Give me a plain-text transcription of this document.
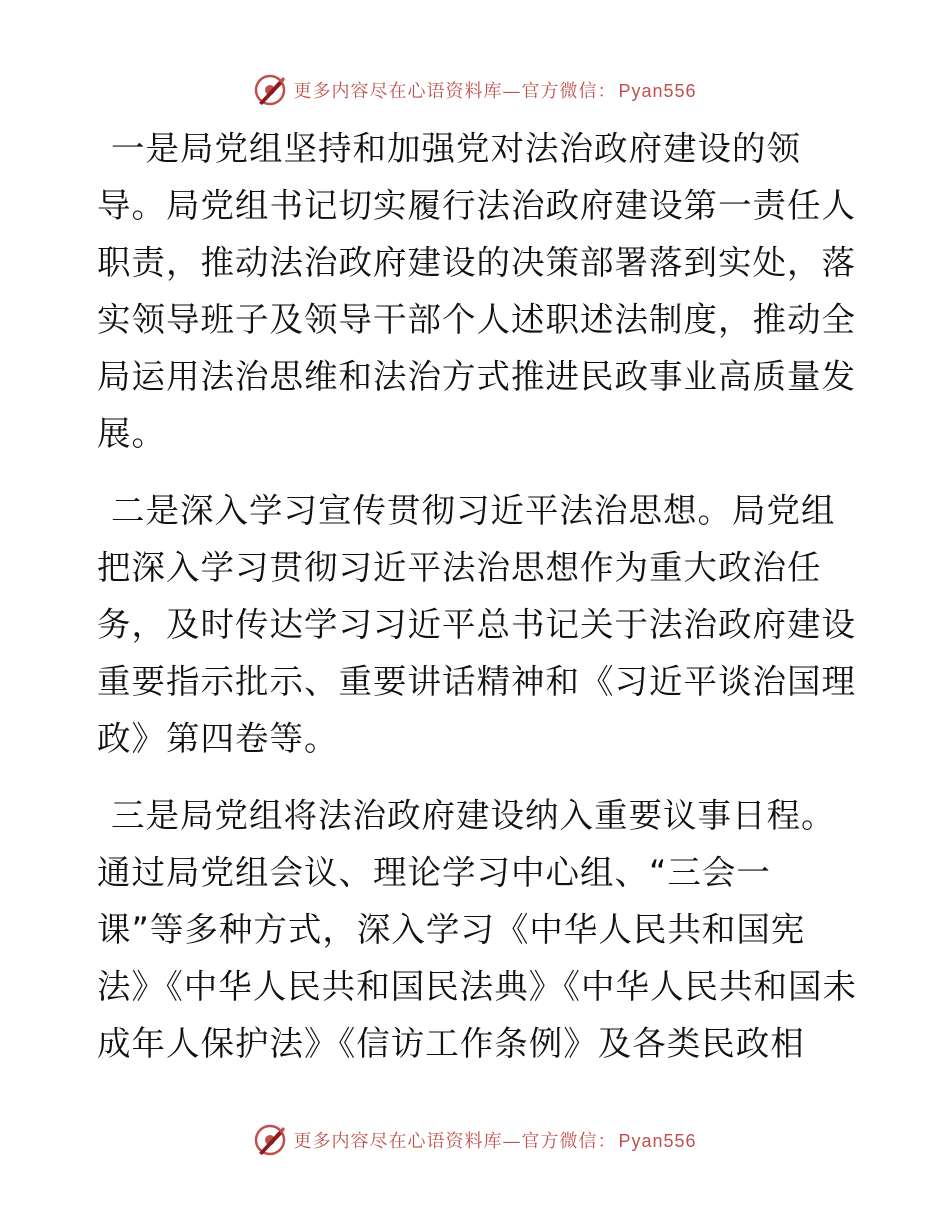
更多内容尽在心语资料库—官方微信： Pyan556

一是局党组坚持和加强党对法治政府建设的领导。局党组书记切实履行法治政府建设第一责任人职责，推动法治政府建设的决策部署落到实处，落实领导班子及领导干部个人述职述法制度，推动全局运用法治思维和法治方式推进民政事业高质量发展。

二是深入学习宣传贯彻习近平法治思想。局党组把深入学习贯彻习近平法治思想作为重大政治任务，及时传达学习习近平总书记关于法治政府建设重要指示批示、重要讲话精神和《习近平谈治国理政》第四卷等。

三是局党组将法治政府建设纳入重要议事日程。通过局党组会议、理论学习中心组、“三会一课”等多种方式，深入学习《中华人民共和国宪法》《中华人民共和国民法典》《中华人民共和国未成年人保护法》《信访工作条例》及各类民政相

更多内容尽在心语资料库—官方微信： Pyan556
